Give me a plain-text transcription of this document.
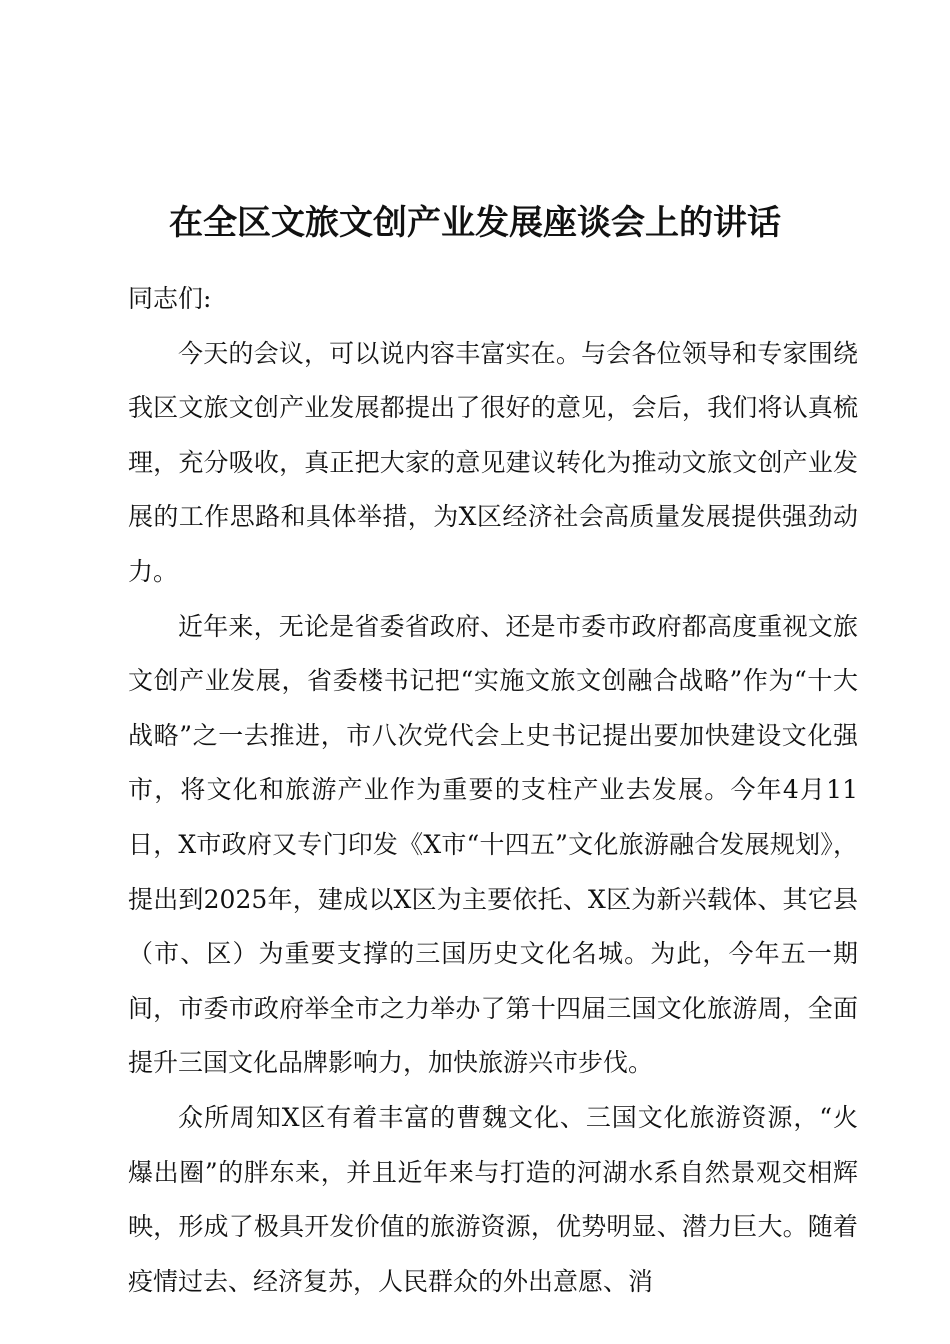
在全区文旅文创产业发展座谈会上的讲话

同志们:

今天的会议，可以说内容丰富实在。与会各位领导和专家围绕我区文旅文创产业发展都提出了很好的意见，会后，我们将认真梳理，充分吸收，真正把大家的意见建议转化为推动文旅文创产业发展的工作思路和具体举措，为X区经济社会高质量发展提供强劲动力。

近年来，无论是省委省政府、还是市委市政府都高度重视文旅文创产业发展，省委楼书记把“实施文旅文创融合战略”作为“十大战略”之一去推进，市八次党代会上史书记提出要加快建设文化强市，将文化和旅游产业作为重要的支柱产业去发展。今年4月11日，X市政府又专门印发《X市“十四五”文化旅游融合发展规划》，提出到2025年，建成以X区为主要依托、X区为新兴载体、其它县（市、区）为重要支撑的三国历史文化名城。为此，今年五一期间，市委市政府举全市之力举办了第十四届三国文化旅游周，全面提升三国文化品牌影响力，加快旅游兴市步伐。

众所周知X区有着丰富的曹魏文化、三国文化旅游资源，“火爆出圈”的胖东来，并且近年来与打造的河湖水系自然景观交相辉映，形成了极具开发价值的旅游资源，优势明显、潜力巨大。随着疫情过去、经济复苏，人民群众的外出意愿、消
